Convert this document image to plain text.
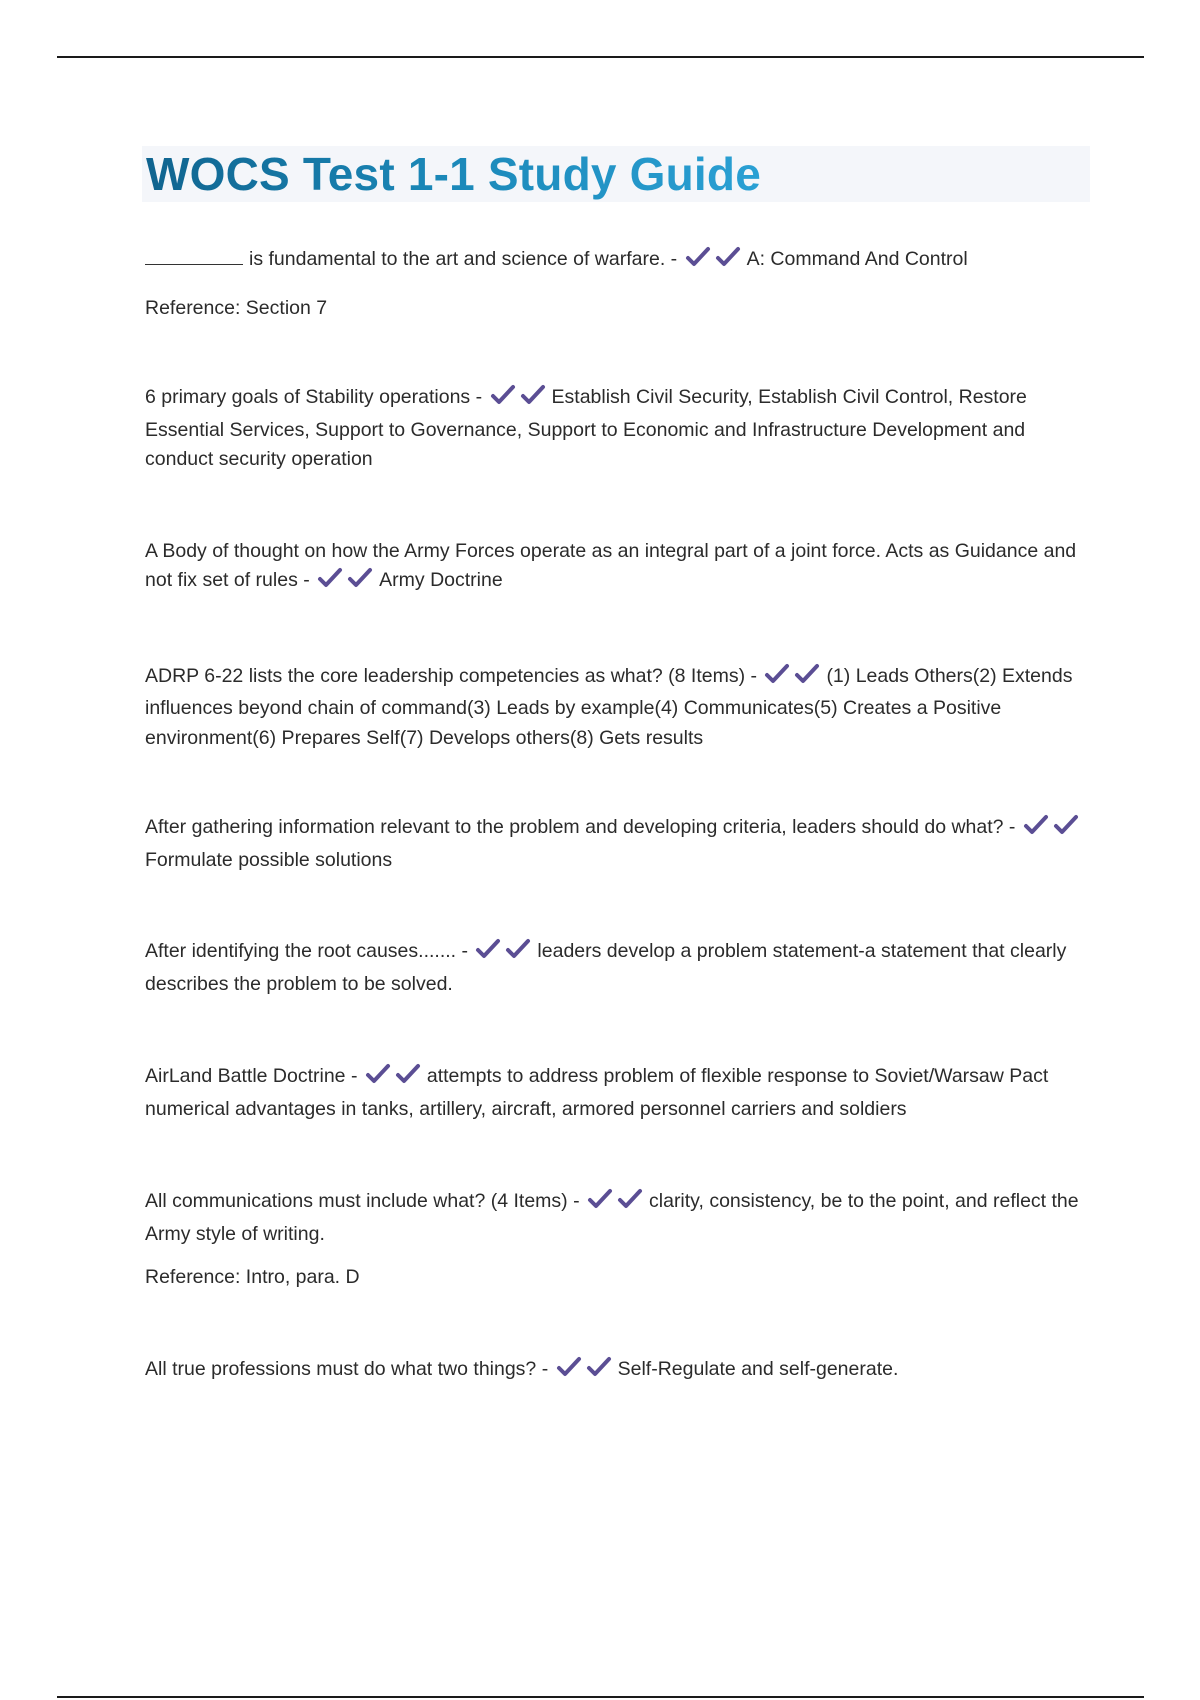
WOCS Test 1-1 Study Guide

is fundamental to the art and science of warfare. -	A: Command And Control

Reference: Section 7

6 primary goals of Stability operations -	Establish Civil Security, Establish Civil Control, Restore Essential Services, Support to Governance, Support to Economic and Infrastructure Development and conduct security operation

A Body of thought on how the Army Forces operate as an integral part of a joint force. Acts as Guidance and not fix set of rules -	Army Doctrine

ADRP 6-22 lists the core leadership competencies as what? (8 Items) -	(1) Leads Others(2) Extends influences beyond chain of command(3) Leads by example(4) Communicates(5) Creates a Positive environment(6) Prepares Self(7) Develops others(8) Gets results

After gathering information relevant to the problem and developing criteria, leaders should do what? - Formulate possible solutions

After identifying the root causes....... -	leaders develop a problem statement-a statement that clearly describes the problem to be solved.

AirLand Battle Doctrine -	attempts to address problem of flexible response to Soviet/Warsaw Pact numerical advantages in tanks, artillery, aircraft, armored personnel carriers and soldiers

All communications must include what? (4 Items) -	clarity, consistency, be to the point, and reflect the Army style of writing.

Reference: Intro, para. D

All true professions must do what two things? -	Self-Regulate and self-generate.
